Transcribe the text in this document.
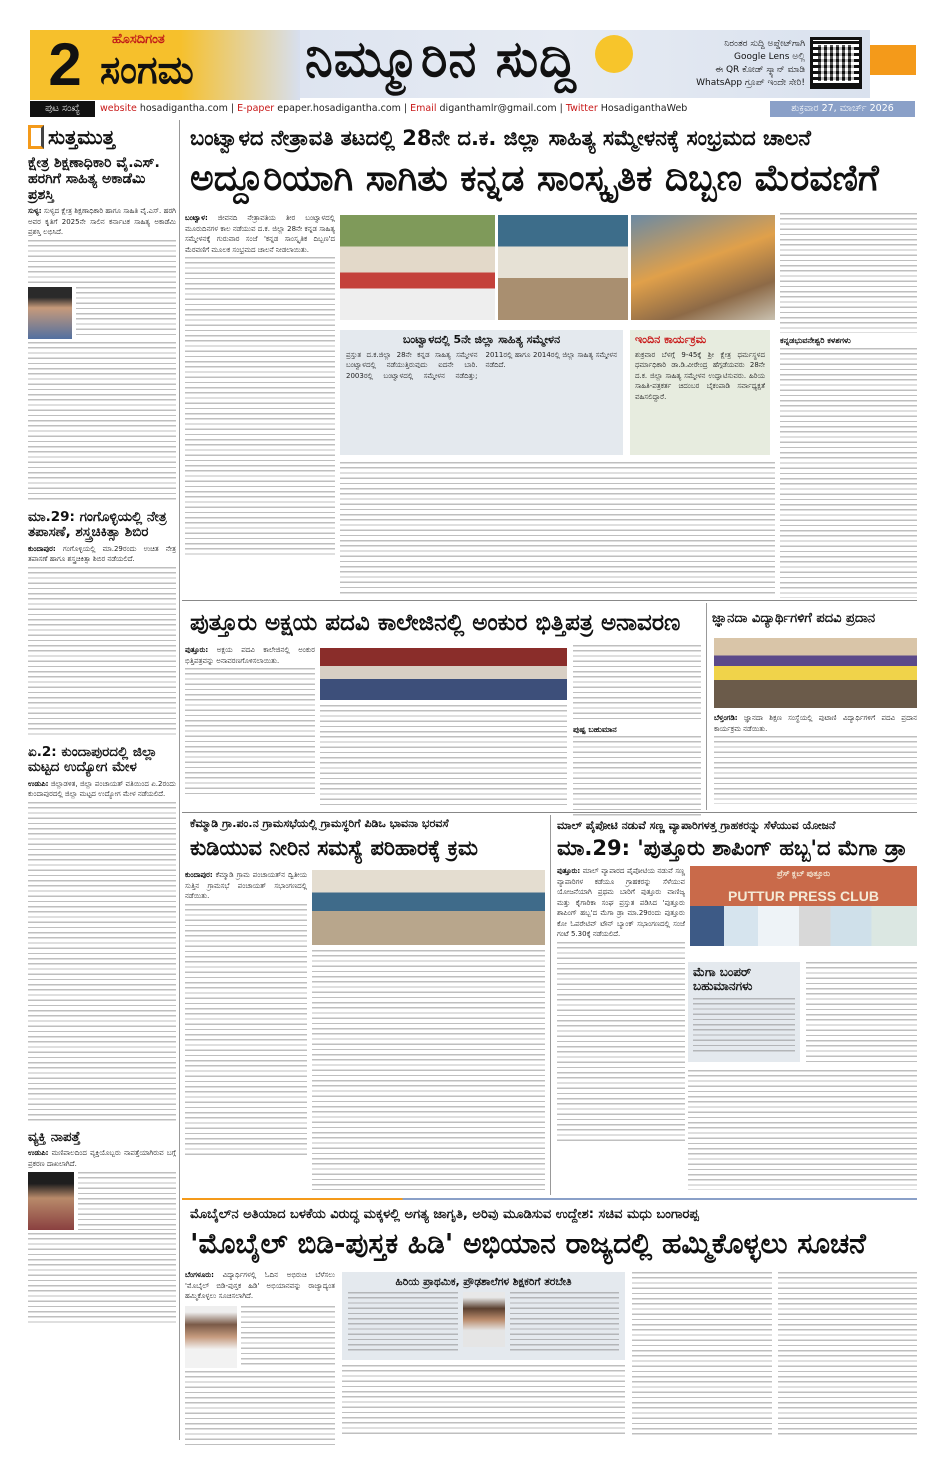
2	ಹೊಸದಿಗಂತ
ಸಂಗಮ ನಿಮ್ಮೂರಿನ ಸುದ್ದಿ	ನಿರಂತರ ಸುದ್ದಿ ಅಪ್ಡೇಟ್‌ಗಾಗಿ
Google Lens ಅಲ್ಲಿ
ಈ QR ಕೋಡ್ ಸ್ಕ್ಯಾನ್ ಮಾಡಿ
WhatsApp ಗ್ರೂಪ್ ಇಂದೇ ಸೇರಿ!
ಪುಟ ಸಂಖ್ಯೆ	website hosadigantha.com | E-paper epaper.hosadigantha.com | Email diganthamlr@gmail.com | Twitter HosadiganthaWeb	ಶುಕ್ರವಾರ 27, ಮಾರ್ಚ್ 2026
ಸುತ್ತಮುತ್ತ
ಕ್ಷೇತ್ರ ಶಿಕ್ಷಣಾಧಿಕಾರಿ ವೈ.ಎಸ್. ಹರಗಿಗೆ ಸಾಹಿತ್ಯ ಅಕಾಡೆಮಿ ಪ್ರಶಸ್ತಿ
ಸುಳ್ಯ: ಸುಳ್ಯದ ಕ್ಷೇತ್ರ ಶಿಕ್ಷಣಾಧಿಕಾರಿ ಹಾಗೂ ಸಾಹಿತಿ ವೈ.ಎಸ್. ಹರಗಿ ಅವರ ಕೃತಿಗೆ 2025ನೇ ಸಾಲಿನ ಕರ್ನಾಟಕ ಸಾಹಿತ್ಯ ಅಕಾಡೆಮಿ ಪ್ರಶಸ್ತಿ ಲಭಿಸಿದೆ.
ಮಾ.29: ಗಂಗೊಳ್ಳಿಯಲ್ಲಿ ನೇತ್ರ ತಪಾಸಣೆ, ಶಸ್ತ್ರಚಿಕಿತ್ಸಾ ಶಿಬಿರ
ಕುಂದಾಪುರ: ಗಂಗೊಳ್ಳಿಯಲ್ಲಿ ಮಾ.29ರಂದು ಉಚಿತ ನೇತ್ರ ತಪಾಸಣೆ ಹಾಗೂ ಶಸ್ತ್ರಚಿಕಿತ್ಸಾ ಶಿಬಿರ ನಡೆಯಲಿದೆ.
ಏ.2: ಕುಂದಾಪುರದಲ್ಲಿ ಜಿಲ್ಲಾ ಮಟ್ಟದ ಉದ್ಯೋಗ ಮೇಳ
ಉಡುಪಿ: ಜಿಲ್ಲಾಡಳಿತ, ಜಿಲ್ಲಾ ಪಂಚಾಯತ್ ವತಿಯಿಂದ ಏ.2ರಂದು ಕುಂದಾಪುರದಲ್ಲಿ ಜಿಲ್ಲಾ ಮಟ್ಟದ ಉದ್ಯೋಗ ಮೇಳ ನಡೆಯಲಿದೆ.
ವ್ಯಕ್ತಿ ನಾಪತ್ತೆ
ಉಡುಪಿ: ಮಣಿಪಾಲದಿಂದ ವ್ಯಕ್ತಿಯೊಬ್ಬರು ನಾಪತ್ತೆಯಾಗಿರುವ ಬಗ್ಗೆ ಪ್ರಕರಣ ದಾಖಲಾಗಿದೆ.
ಬಂಟ್ವಾಳದ ನೇತ್ರಾವತಿ ತಟದಲ್ಲಿ 28ನೇ ದ.ಕ. ಜಿಲ್ಲಾ ಸಾಹಿತ್ಯ ಸಮ್ಮೇಳನಕ್ಕೆ ಸಂಭ್ರಮದ ಚಾಲನೆ
ಅದ್ದೂರಿಯಾಗಿ ಸಾಗಿತು ಕನ್ನಡ ಸಾಂಸ್ಕೃತಿಕ ದಿಬ್ಬಣ ಮೆರವಣಿಗೆ
ಬಂಟ್ವಾಳ: ಜೀವನದಿ ನೇತ್ರಾವತಿಯ ತೀರ ಬಂಟ್ವಾಳದಲ್ಲಿ ಮೂರುದಿನಗಳ ಕಾಲ ನಡೆಯುವ ದ.ಕ. ಜಿಲ್ಲಾ 28ನೇ ಕನ್ನಡ ಸಾಹಿತ್ಯ ಸಮ್ಮೇಳನಕ್ಕೆ ಗುರುವಾರ ಸಂಜೆ 'ಕನ್ನಡ ಸಾಂಸ್ಕೃತಿಕ ದಿಬ್ಬಣ'ದ ಮೆರವಣಿಗೆ ಮೂಲಕ ಸಂಭ್ರಮದ ಚಾಲನೆ ನೀಡಲಾಯಿತು.
ಬಂಟ್ವಾಳದಲ್ಲಿ 5ನೇ ಜಿಲ್ಲಾ ಸಾಹಿತ್ಯ ಸಮ್ಮೇಳನ
ಪ್ರಸ್ತುತ ದ.ಕ.ಜಿಲ್ಲಾ 28ನೇ ಕನ್ನಡ ಸಾಹಿತ್ಯ ಸಮ್ಮೇಳನ ಬಂಟ್ವಾಳದಲ್ಲಿ ನಡೆಯುತ್ತಿರುವುದು ಐದನೇ ಬಾರಿ. 2003ರಲ್ಲಿ ಬಂಟ್ವಾಳದಲ್ಲಿ ಸಮ್ಮೇಳನ ನಡೆದಿತ್ತು; 2011ರಲ್ಲಿ ಹಾಗೂ 2014ರಲ್ಲಿ ಜಿಲ್ಲಾ ಸಾಹಿತ್ಯ ಸಮ್ಮೇಳನ ನಡೆದಿದೆ.
ಇಂದಿನ ಕಾರ್ಯಕ್ರಮ
ಶುಕ್ರವಾರ ಬೆಳಗ್ಗೆ 9-45ಕ್ಕೆ ಶ್ರೀ ಕ್ಷೇತ್ರ ಧರ್ಮಸ್ಥಳದ ಧರ್ಮಾಧಿಕಾರಿ ಡಾ.ಡಿ.ವೀರೇಂದ್ರ ಹೆಗ್ಗಡೆಯವರು 28ನೇ ದ.ಕ. ಜಿಲ್ಲಾ ಸಾಹಿತ್ಯ ಸಮ್ಮೇಳನ ಉದ್ಘಾಟಿಸುವರು. ಹಿರಿಯ ಸಾಹಿತಿ-ಪತ್ರಕರ್ತ ಚಿದಂಬರ ಬೈಕಂಪಾಡಿ ಸರ್ವಾಧ್ಯಕ್ಷತೆ ವಹಿಸಲಿದ್ದಾರೆ.
ಕನ್ನಡಭುವನೇಶ್ವರಿ ಕಳಶಗಳು
ಪುತ್ತೂರು ಅಕ್ಷಯ ಪದವಿ ಕಾಲೇಜಿನಲ್ಲಿ ಅಂಕುರ ಭಿತ್ತಿಪತ್ರ ಅನಾವರಣ
ಪುತ್ತೂರು: ಅಕ್ಷಯ ಪದವಿ ಕಾಲೇಜಿನಲ್ಲಿ ಅಂಕುರ ಭಿತ್ತಿಪತ್ರವನ್ನು ಅನಾವರಣಗೊಳಿಸಲಾಯಿತು.
ಪುಷ್ಪ ಬಹುಮಾನ
ಜ್ಞಾನದಾ ವಿದ್ಯಾರ್ಥಿಗಳಿಗೆ ಪದವಿ ಪ್ರದಾನ
ಬೆಳ್ತಂಗಡಿ: ಜ್ಞಾನದಾ ಶಿಕ್ಷಣ ಸಂಸ್ಥೆಯಲ್ಲಿ ಪುಟಾಣಿ ವಿದ್ಯಾರ್ಥಿಗಳಿಗೆ ಪದವಿ ಪ್ರದಾನ ಕಾರ್ಯಕ್ರಮ ನಡೆಯಿತು.
ಕೆಮ್ಮಾಡಿ ಗ್ರಾ.ಪಂ.ನ ಗ್ರಾಮಸಭೆಯಲ್ಲಿ ಗ್ರಾಮಸ್ಥರಿಗೆ ಪಿಡಿಒ ಭಾವನಾ ಭರವಸೆ
ಕುಡಿಯುವ ನೀರಿನ ಸಮಸ್ಯೆ ಪರಿಹಾರಕ್ಕೆ ಕ್ರಮ
ಕುಂದಾಪುರ: ಕೆಮ್ಮಾಡಿ ಗ್ರಾಮ ಪಂಚಾಯತ್‌ನ ದ್ವಿತೀಯ ಸುತ್ತಿನ ಗ್ರಾಮಸಭೆ ಪಂಚಾಯತ್ ಸಭಾಂಗಣದಲ್ಲಿ ನಡೆಯಿತು.
ಮಾಲ್ ಪೈಪೋಟಿ ನಡುವೆ ಸಣ್ಣ ವ್ಯಾಪಾರಿಗಳತ್ತ ಗ್ರಾಹಕರನ್ನು ಸೆಳೆಯುವ ಯೋಜನೆ
ಮಾ.29: 'ಪುತ್ತೂರು ಶಾಪಿಂಗ್ ಹಬ್ಬ'ದ ಮೆಗಾ ಡ್ರಾ
ಪುತ್ತೂರು: ಮಾಲ್ ವ್ಯಾಪಾರದ ಪೈಪೋಟಿಯ ನಡುವೆ ಸಣ್ಣ ವ್ಯಾಪಾರಿಗಳ ಕಡೆಯೂ ಗ್ರಾಹಕರನ್ನು ಸೆಳೆಯುವ ಯೋಜನೆಯಾಗಿ ಪ್ರಥಮ ಬಾರಿಗೆ ಪುತ್ತೂರು ವಾಣಿಜ್ಯ ಮತ್ತು ಕೈಗಾರಿಕಾ ಸಂಘ ಪ್ರಸ್ತುತ ಪಡಿಸಿದ 'ಪುತ್ತೂರು ಶಾಪಿಂಗ್ ಹಬ್ಬ'ದ ಮೆಗಾ ಡ್ರಾ ಮಾ.29ರಂದು ಪುತ್ತೂರು ಕೋ ಓಪರೇಟಿವ್ ಟೌನ್ ಬ್ಯಾಂಕ್ ಸಭಾಂಗಣದಲ್ಲಿ ಸಂಜೆ ಗಂಟೆ 5.30ಕ್ಕೆ ನಡೆಯಲಿದೆ.
ಪ್ರೆಸ್ ಕ್ಲಬ್ ಪುತ್ತೂರು
PUTTUR PRESS CLUB
ಮೆಗಾ ಬಂಪರ್ ಬಹುಮಾನಗಳು
ಮೊಬೈಲ್‌ನ ಅತಿಯಾದ ಬಳಕೆಯ ವಿರುದ್ಧ ಮಕ್ಕಳಲ್ಲಿ ಅಗತ್ಯ ಜಾಗೃತಿ, ಅರಿವು ಮೂಡಿಸುವ ಉದ್ದೇಶ: ಸಚಿವ ಮಧು ಬಂಗಾರಪ್ಪ
'ಮೊಬೈಲ್ ಬಿಡಿ-ಪುಸ್ತಕ ಹಿಡಿ' ಅಭಿಯಾನ ರಾಜ್ಯದಲ್ಲಿ ಹಮ್ಮಿಕೊಳ್ಳಲು ಸೂಚನೆ
ಬೆಂಗಳೂರು: ವಿದ್ಯಾರ್ಥಿಗಳಲ್ಲಿ ಓದಿನ ಅಭಿರುಚಿ ಬೆಳೆಸಲು 'ಮೊಬೈಲ್ ಬಿಡಿ-ಪುಸ್ತಕ ಹಿಡಿ' ಅಭಿಯಾನವನ್ನು ರಾಜ್ಯಾದ್ಯಂತ ಹಮ್ಮಿಕೊಳ್ಳಲು ಸೂಚಿಸಲಾಗಿದೆ.
ಹಿರಿಯ ಪ್ರಾಥಮಿಕ, ಪ್ರೌಢಶಾಲೆಗಳ ಶಿಕ್ಷಕರಿಗೆ ತರಬೇತಿ
